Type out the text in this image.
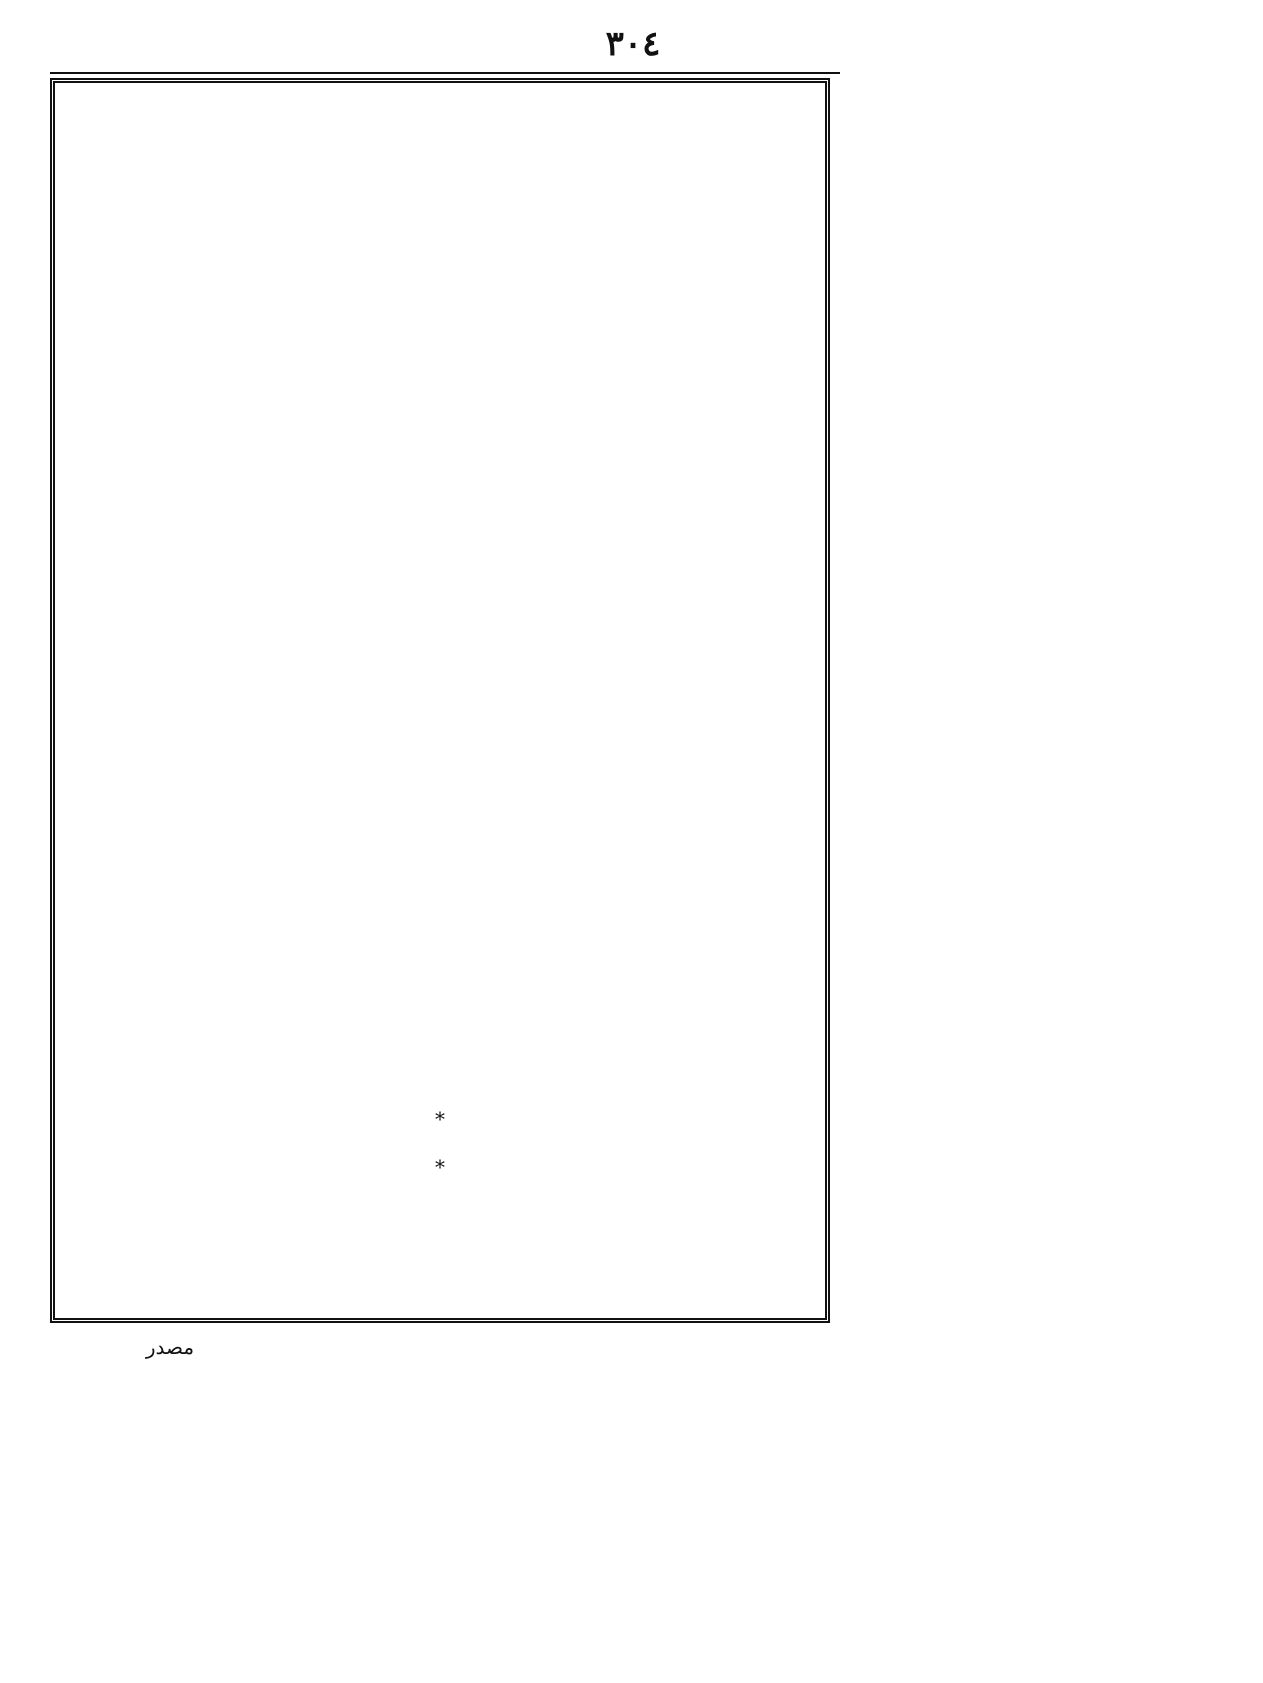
٣٠٤
*
*
مصدر
